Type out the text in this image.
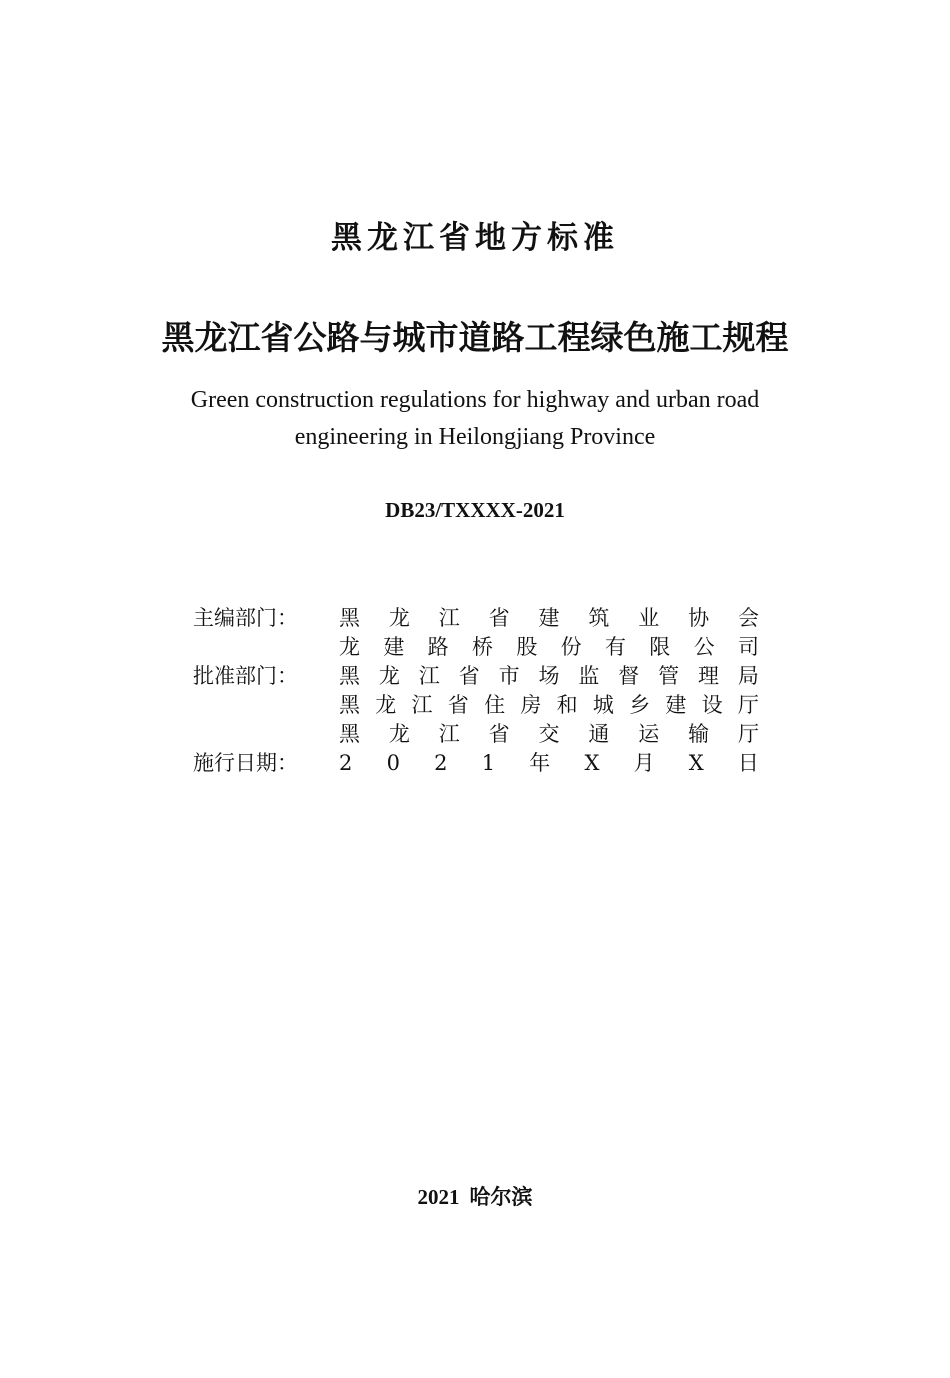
黑龙江省地方标准
黑龙江省公路与城市道路工程绿色施工规程
Green construction regulations for highway and urban road
engineering in Heilongjiang Province
DB23/TXXXX-2021
主编部门： 黑 龙 江 省 建 筑 业 协 会
龙 建 路 桥 股 份 有 限 公 司
批准部门： 黑 龙 江 省 市 场 监 督 管 理 局
黑 龙 江 省 住 房 和 城 乡 建 设 厅
黑 龙 江 省 交 通 运 输 厅
施行日期： 2 0 2 1 年 X 月 X 日
2021 哈尔滨
